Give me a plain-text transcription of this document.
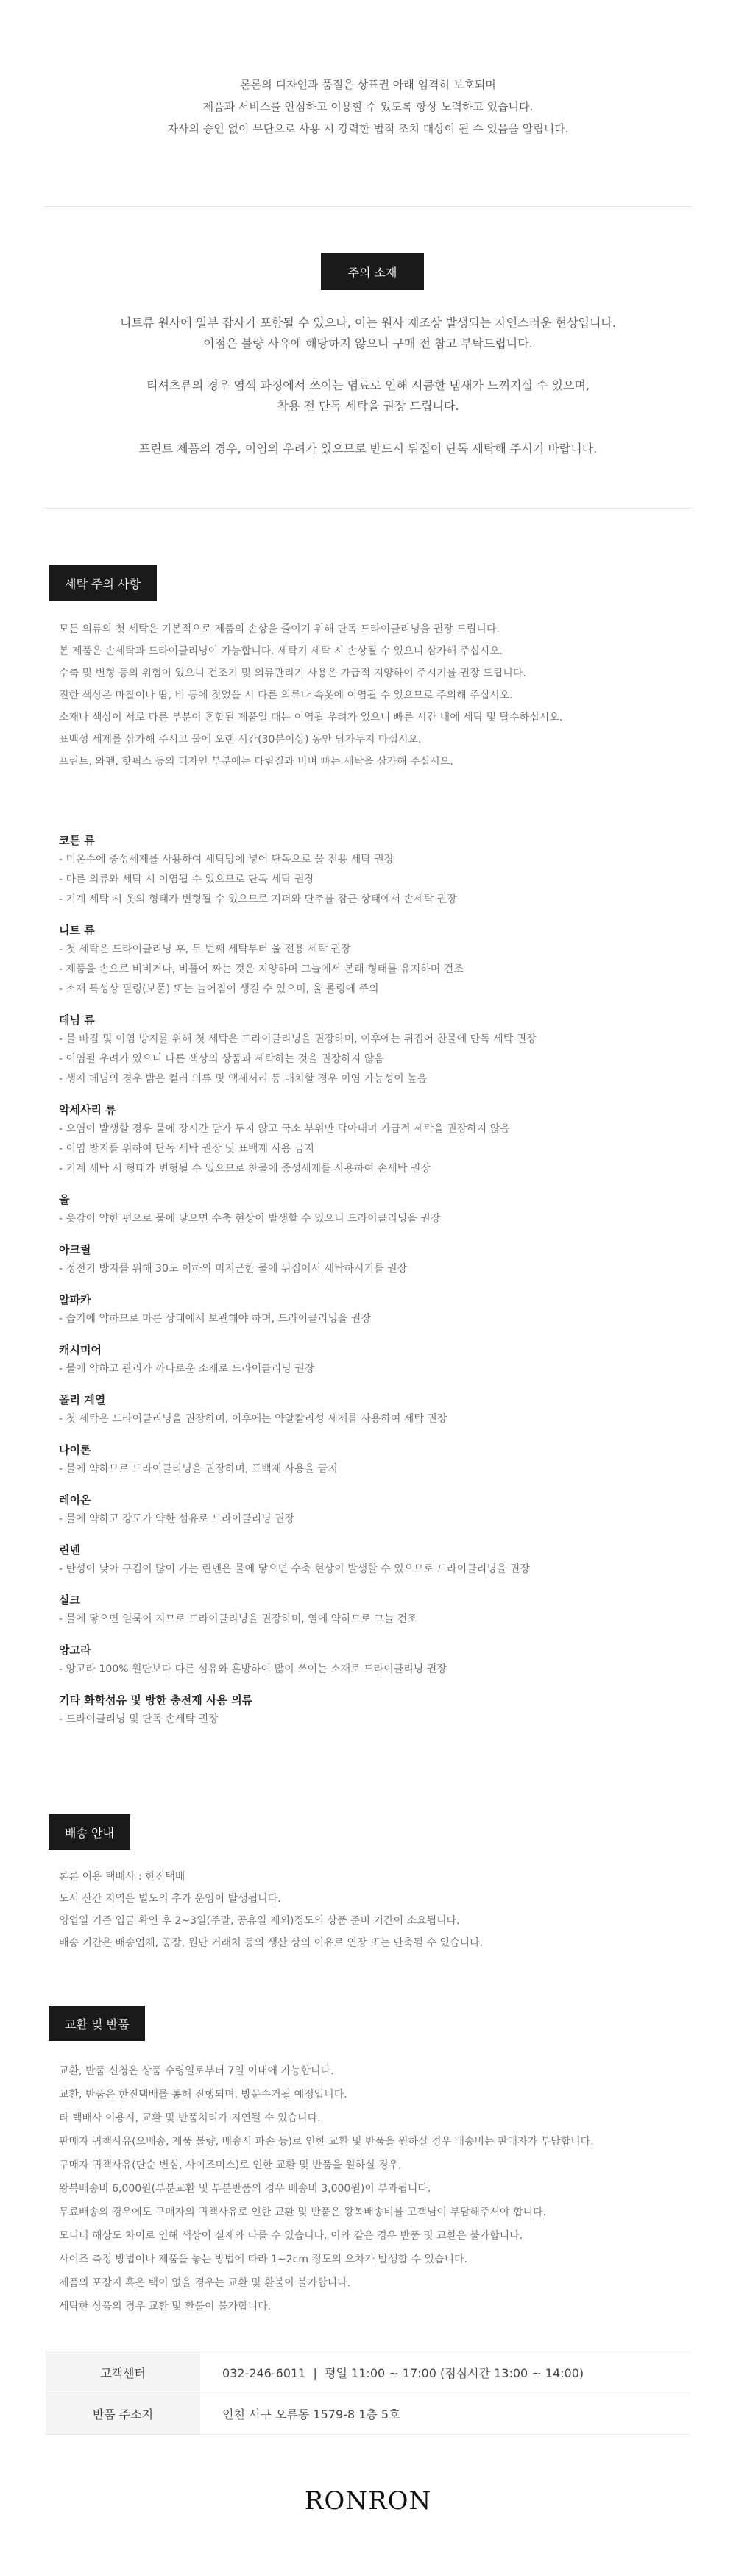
론론의 디자인과 품질은 상표권 아래 엄격히 보호되며
제품과 서비스를 안심하고 이용할 수 있도록 항상 노력하고 있습니다.
자사의 승인 없이 무단으로 사용 시 강력한 법적 조치 대상이 될 수 있음을 알립니다.
주의 소재
니트류 원사에 일부 잡사가 포함될 수 있으나, 이는 원사 제조상 발생되는 자연스러운 현상입니다.
이점은 불량 사유에 해당하지 않으니 구매 전 참고 부탁드립니다.
티셔츠류의 경우 염색 과정에서 쓰이는 염료로 인해 시큼한 냄새가 느껴지실 수 있으며,
착용 전 단독 세탁을 권장 드립니다.
프린트 제품의 경우, 이염의 우려가 있으므로 반드시 뒤집어 단독 세탁해 주시기 바랍니다.
세탁 주의 사항
모든 의류의 첫 세탁은 기본적으로 제품의 손상을 줄이기 위해 단독 드라이클리닝을 권장 드립니다.
본 제품은 손세탁과 드라이클리닝이 가능합니다. 세탁기 세탁 시 손상될 수 있으니 삼가해 주십시오.
수축 및 변형 등의 위험이 있으니 건조기 및 의류관리기 사용은 가급적 지양하여 주시기를 권장 드립니다.
진한 색상은 마찰이나 땀, 비 등에 젖었을 시 다른 의류나 속옷에 이염될 수 있으므로 주의해 주십시오.
소재나 색상이 서로 다른 부분이 혼합된 제품일 때는 이염될 우려가 있으니 빠른 시간 내에 세탁 및 탈수하십시오.
표백성 세제를 삼가해 주시고 물에 오랜 시간(30분이상) 동안 담가두지 마십시오.
프린트, 와펜, 핫픽스 등의 디자인 부분에는 다림질과 비벼 빠는 세탁을 삼가해 주십시오.
코튼 류
- 미온수에 중성세제를 사용하여 세탁망에 넣어 단독으로 울 전용 세탁 권장
- 다른 의류와 세탁 시 이염될 수 있으므로 단독 세탁 권장
- 기계 세탁 시 옷의 형태가 변형될 수 있으므로 지퍼와 단추를 잠근 상태에서 손세탁 권장
니트 류
- 첫 세탁은 드라이클리닝 후, 두 번째 세탁부터 울 전용 세탁 권장
- 제품을 손으로 비비거나, 비틀어 짜는 것은 지양하며 그늘에서 본래 형태를 유지하며 건조
- 소재 특성상 필링(보풀) 또는 늘어짐이 생길 수 있으며, 울 롤링에 주의
데님 류
- 물 빠짐 및 이염 방지를 위해 첫 세탁은 드라이클리닝을 권장하며, 이후에는 뒤집어 찬물에 단독 세탁 권장
- 이염될 우려가 있으니 다른 색상의 상품과 세탁하는 것을 권장하지 않음
- 생지 데님의 경우 밝은 컬러 의류 및 액세서리 등 매치할 경우 이염 가능성이 높음
악세사리 류
- 오염이 발생할 경우 물에 장시간 담가 두지 않고 국소 부위만 닦아내며 가급적 세탁을 권장하지 않음
- 이염 방지를 위하여 단독 세탁 권장 및 표백제 사용 금지
- 기계 세탁 시 형태가 변형될 수 있으므로 찬물에 중성세제를 사용하여 손세탁 권장
울
- 옷감이 약한 편으로 물에 닿으면 수축 현상이 발생할 수 있으니 드라이클리닝을 권장
아크릴
- 정전기 방지를 위해 30도 이하의 미지근한 물에 뒤집어서 세탁하시기를 권장
알파카
- 습기에 약하므로 마른 상태에서 보관해야 하며, 드라이클리닝을 권장
캐시미어
- 물에 약하고 관리가 까다로운 소재로 드라이클리닝 권장
폴리 계열
- 첫 세탁은 드라이클리닝을 권장하며, 이후에는 약알칼리성 세제를 사용하여 세탁 권장
나이론
- 물에 약하므로 드라이클리닝을 권장하며, 표백제 사용을 금지
레이온
- 물에 약하고 강도가 약한 섬유로 드라이클리닝 권장
린넨
- 탄성이 낮아 구김이 많이 가는 린넨은 물에 닿으면 수축 현상이 발생할 수 있으므로 드라이클리닝을 권장
실크
- 물에 닿으면 얼룩이 지므로 드라이클리닝을 권장하며, 열에 약하므로 그늘 건조
앙고라
- 앙고라 100% 원단보다 다른 섬유와 혼방하여 많이 쓰이는 소재로 드라이클리닝 권장
기타 화학섬유 및 방한 충전재 사용 의류
- 드라이클리닝 및 단독 손세탁 권장
배송 안내
론론 이용 택배사 : 한진택배
도서 산간 지역은 별도의 추가 운임이 발생됩니다.
영업일 기준 입금 확인 후 2~3일(주말, 공휴일 제외)정도의 상품 준비 기간이 소요됩니다.
배송 기간은 배송업체, 공장, 원단 거래처 등의 생산 상의 이유로 연장 또는 단축될 수 있습니다.
교환 및 반품
교환, 반품 신청은 상품 수령일로부터 7일 이내에 가능합니다.
교환, 반품은 한진택배를 통해 진행되며, 방문수거될 예정입니다.
타 택배사 이용시, 교환 및 반품처리가 지연될 수 있습니다.
판매자 귀책사유(오배송, 제품 불량, 배송시 파손 등)로 인한 교환 및 반품을 원하실 경우 배송비는 판매자가 부담합니다.
구매자 귀책사유(단순 변심, 사이즈미스)로 인한 교환 및 반품을 원하실 경우,
왕복배송비 6,000원(부분교환 및 부분반품의 경우 배송비 3,000원)이 부과됩니다.
무료배송의 경우에도 구매자의 귀책사유로 인한 교환 및 반품은 왕복배송비를 고객님이 부담해주셔야 합니다.
모니터 해상도 차이로 인해 색상이 실제와 다를 수 있습니다. 이와 같은 경우 반품 및 교환은 불가합니다.
사이즈 측정 방법이나 제품을 놓는 방법에 따라 1~2cm 정도의 오차가 발생할 수 있습니다.
제품의 포장지 혹은 택이 없을 경우는 교환 및 환불이 불가합니다.
세탁한 상품의 경우 교환 및 환불이 불가합니다.
고객센터	032-246-6011  |  평일 11:00 ~ 17:00 (점심시간 13:00 ~ 14:00)
반품 주소지	인천 서구 오류동 1579-8 1층 5호
RONRON
